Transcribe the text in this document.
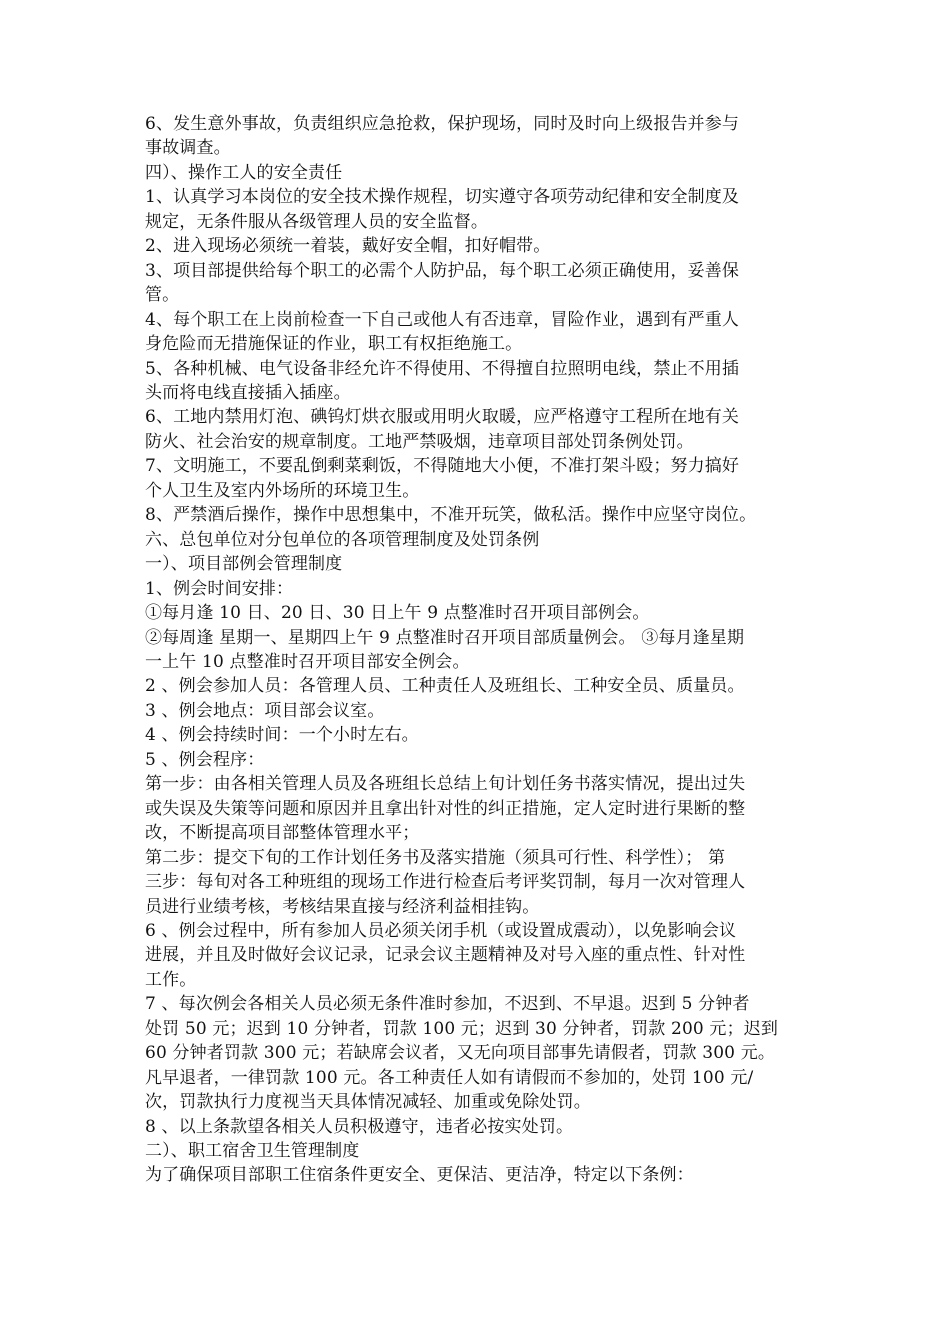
6、发生意外事故，负责组织应急抢救，保护现场，同时及时向上级报告并参与
事故调查。
四）、操作工人的安全责任
1、认真学习本岗位的安全技术操作规程，切实遵守各项劳动纪律和安全制度及
规定，无条件服从各级管理人员的安全监督。
2、进入现场必须统一着装，戴好安全帽，扣好帽带。
3、项目部提供给每个职工的必需个人防护品，每个职工必须正确使用，妥善保
管。
4、每个职工在上岗前检查一下自己或他人有否违章，冒险作业，遇到有严重人
身危险而无措施保证的作业，职工有权拒绝施工。
5、各种机械、电气设备非经允许不得使用、不得擅自拉照明电线，禁止不用插
头而将电线直接插入插座。
6、工地内禁用灯泡、碘钨灯烘衣服或用明火取暖，应严格遵守工程所在地有关
防火、社会治安的规章制度。工地严禁吸烟，违章项目部处罚条例处罚。
7、文明施工，不要乱倒剩菜剩饭，不得随地大小便，不准打架斗殴；努力搞好
个人卫生及室内外场所的环境卫生。
8、严禁酒后操作，操作中思想集中，不准开玩笑，做私活。操作中应坚守岗位。
六、总包单位对分包单位的各项管理制度及处罚条例
一）、项目部例会管理制度
1、例会时间安排：
①每月逢 10 日、20 日、30 日上午 9 点整准时召开项目部例会。
②每周逢 星期一、星期四上午 9 点整准时召开项目部质量例会。 ③每月逢星期
一上午 10 点整准时召开项目部安全例会。
2 、例会参加人员：各管理人员、工种责任人及班组长、工种安全员、质量员。
3 、例会地点：项目部会议室。
4 、例会持续时间：一个小时左右。
5 、例会程序：
第一步：由各相关管理人员及各班组长总结上旬计划任务书落实情况，提出过失
或失误及失策等问题和原因并且拿出针对性的纠正措施，定人定时进行果断的整
改，不断提高项目部整体管理水平；
第二步：提交下旬的工作计划任务书及落实措施（须具可行性、科学性）； 第
三步：每旬对各工种班组的现场工作进行检查后考评奖罚制，每月一次对管理人
员进行业绩考核，考核结果直接与经济利益相挂钩。
6 、例会过程中，所有参加人员必须关闭手机（或设置成震动），以免影响会议
进展，并且及时做好会议记录，记录会议主题精神及对号入座的重点性、针对性
工作。
7 、每次例会各相关人员必须无条件准时参加，不迟到、不早退。迟到 5 分钟者
处罚 50 元；迟到 10 分钟者，罚款 100 元；迟到 30 分钟者，罚款 200 元；迟到
60 分钟者罚款 300 元；若缺席会议者，又无向项目部事先请假者，罚款 300 元。
凡早退者，一律罚款 100 元。各工种责任人如有请假而不参加的，处罚 100 元/
次，罚款执行力度视当天具体情况减轻、加重或免除处罚。
8 、以上条款望各相关人员积极遵守，违者必按实处罚。
二）、职工宿舍卫生管理制度
为了确保项目部职工住宿条件更安全、更保洁、更洁净，特定以下条例：
